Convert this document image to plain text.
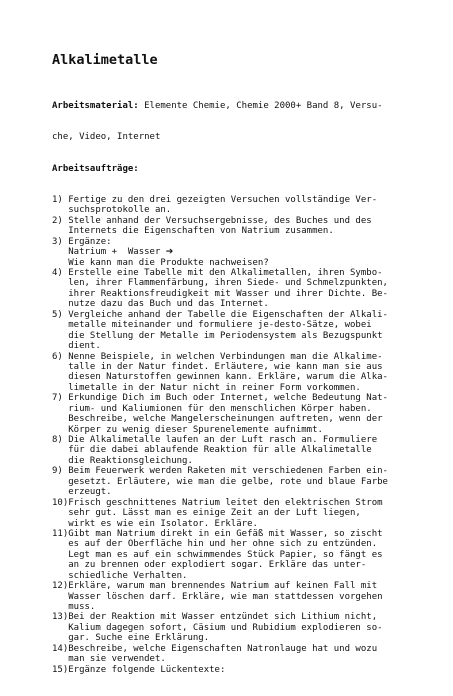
Alkalimetalle

Arbeitsmaterial: Elemente Chemie, Chemie 2000+ Band 8, Versu-

che, Video, Internet

Arbeitsaufträge:

1) Fertige zu den drei gezeigten Versuchen vollständige Ver-
suchsprotokolle an.
2) Stelle anhand der Versuchsergebnisse, des Buches und des
Internets die Eigenschaften von Natrium zusammen.
3) Ergänze:
Natrium +  Wasser ➔
Wie kann man die Produkte nachweisen?
4) Erstelle eine Tabelle mit den Alkalimetallen, ihren Symbo-
len, ihrer Flammenfärbung, ihren Siede- und Schmelzpunkten,
ihrer Reaktionsfreudigkeit mit Wasser und ihrer Dichte. Be-
nutze dazu das Buch und das Internet.
5) Vergleiche anhand der Tabelle die Eigenschaften der Alkali-
metalle miteinander und formuliere je-desto-Sätze, wobei
die Stellung der Metalle im Periodensystem als Bezugspunkt
dient.
6) Nenne Beispiele, in welchen Verbindungen man die Alkalime-
talle in der Natur findet. Erläutere, wie kann man sie aus
diesen Naturstoffen gewinnen kann. Erkläre, warum die Alka-
limetalle in der Natur nicht in reiner Form vorkommen.
7) Erkundige Dich im Buch oder Internet, welche Bedeutung Nat-
rium- und Kaliumionen für den menschlichen Körper haben.
Beschreibe, welche Mangelerscheinungen auftreten, wenn der
Körper zu wenig dieser Spurenelemente aufnimmt.
8) Die Alkalimetalle laufen an der Luft rasch an. Formuliere
für die dabei ablaufende Reaktion für alle Alkalimetalle
die Reaktionsgleichung.
9) Beim Feuerwerk werden Raketen mit verschiedenen Farben ein-
gesetzt. Erläutere, wie man die gelbe, rote und blaue Farbe
erzeugt.
10)Frisch geschnittenes Natrium leitet den elektrischen Strom
sehr gut. Lässt man es einige Zeit an der Luft liegen,
wirkt es wie ein Isolator. Erkläre.
11)Gibt man Natrium direkt in ein Gefäß mit Wasser, so zischt
es auf der Oberfläche hin und her ohne sich zu entzünden.
Legt man es auf ein schwimmendes Stück Papier, so fängt es
an zu brennen oder explodiert sogar. Erkläre das unter-
schiedliche Verhalten.
12)Erkläre, warum man brennendes Natrium auf keinen Fall mit
Wasser löschen darf. Erkläre, wie man stattdessen vorgehen
muss.
13)Bei der Reaktion mit Wasser entzündet sich Lithium nicht,
Kalium dagegen sofort, Cäsium und Rubidium explodieren so-
gar. Suche eine Erklärung.
14)Beschreibe, welche Eigenschaften Natronlauge hat und wozu
man sie verwendet.
15)Ergänze folgende Lückentexte:
